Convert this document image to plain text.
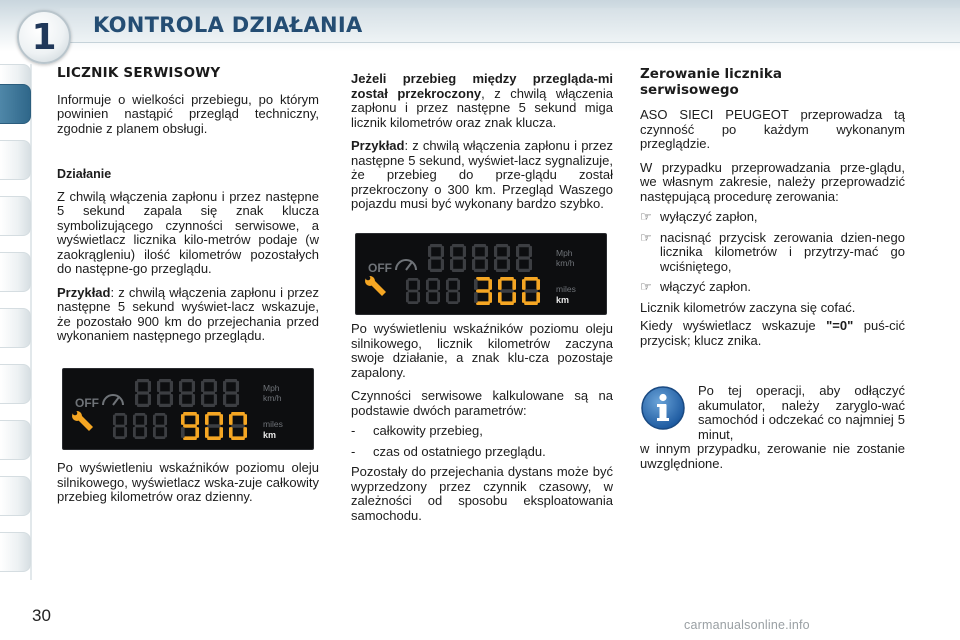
1	KONTROLA DZIAŁANIA
LICZNIK SERWISOWY

Informuje o wielkości przebiegu, po którym powinien nastąpić przegląd techniczny, zgodnie z planem obsługi.

Działanie

Z chwilą włączenia zapłonu i przez następne 5 sekund zapala się znak klucza symbolizującego czynności serwisowe, a wyświetlacz licznika kilo-metrów podaje (w zaokrągleniu) ilość kilometrów pozostałych do następne-go przeglądu.

Przykład: z chwilą włączenia zapłonu i przez następne 5 sekund wyświet-lacz wskazuje, że pozostało 900 km do przejechania przed wykonaniem następnego przeglądu.

OFF
Mph
km/h
miles
km

Po wyświetleniu wskaźników poziomu oleju silnikowego, wyświetlacz wska-zuje całkowity przebieg kilometrów oraz dzienny.

Jeżeli przebieg między przegląda-mi został przekroczony, z chwilą włączenia zapłonu i przez następne 5 sekund miga licznik kilometrów oraz znak klucza.

Przykład: z chwilą włączenia zapłonu i przez następne 5 sekund, wyświet-lacz sygnalizuje, że przebieg do prze-glądu został przekroczony o 300 km. Przegląd Waszego pojazdu musi być wykonany bardzo szybko.

OFF
Mph
km/h
miles
km

Po wyświetleniu wskaźników poziomu oleju silnikowego, licznik kilometrów zaczyna swoje działanie, a znak klu-cza pozostaje zapalony.

Czynności serwisowe kalkulowane są na podstawie dwóch parametrów:

-	całkowity przebieg,
-	czas od ostatniego przeglądu.

Pozostały do przejechania dystans może być wyprzedzony przez czynnik czasowy, w zależności od sposobu eksploatowania samochodu.

Zerowanie licznika serwisowego

ASO SIECI PEUGEOT przeprowadza tą czynność po każdym wykonanym przeglądzie.

W przypadku przeprowadzania prze-glądu, we własnym zakresie, należy przeprowadzić następującą procedurę zerowania:

☞ wyłączyć zapłon,
☞ nacisnąć przycisk zerowania dzien-nego licznika kilometrów i przytrzy-mać go wciśniętego,
☞ włączyć zapłon.

Licznik kilometrów zaczyna się cofać.

Kiedy wyświetlacz wskazuje "=0" puś-cić przycisk; klucz znika.

Po tej operacji, aby odłączyć akumulator, należy zaryglo-wać samochód i odczekać co najmniej 5 minut,
w innym przypadku, zerowanie nie zostanie uwzględnione.

30	carmanualsonline.info
